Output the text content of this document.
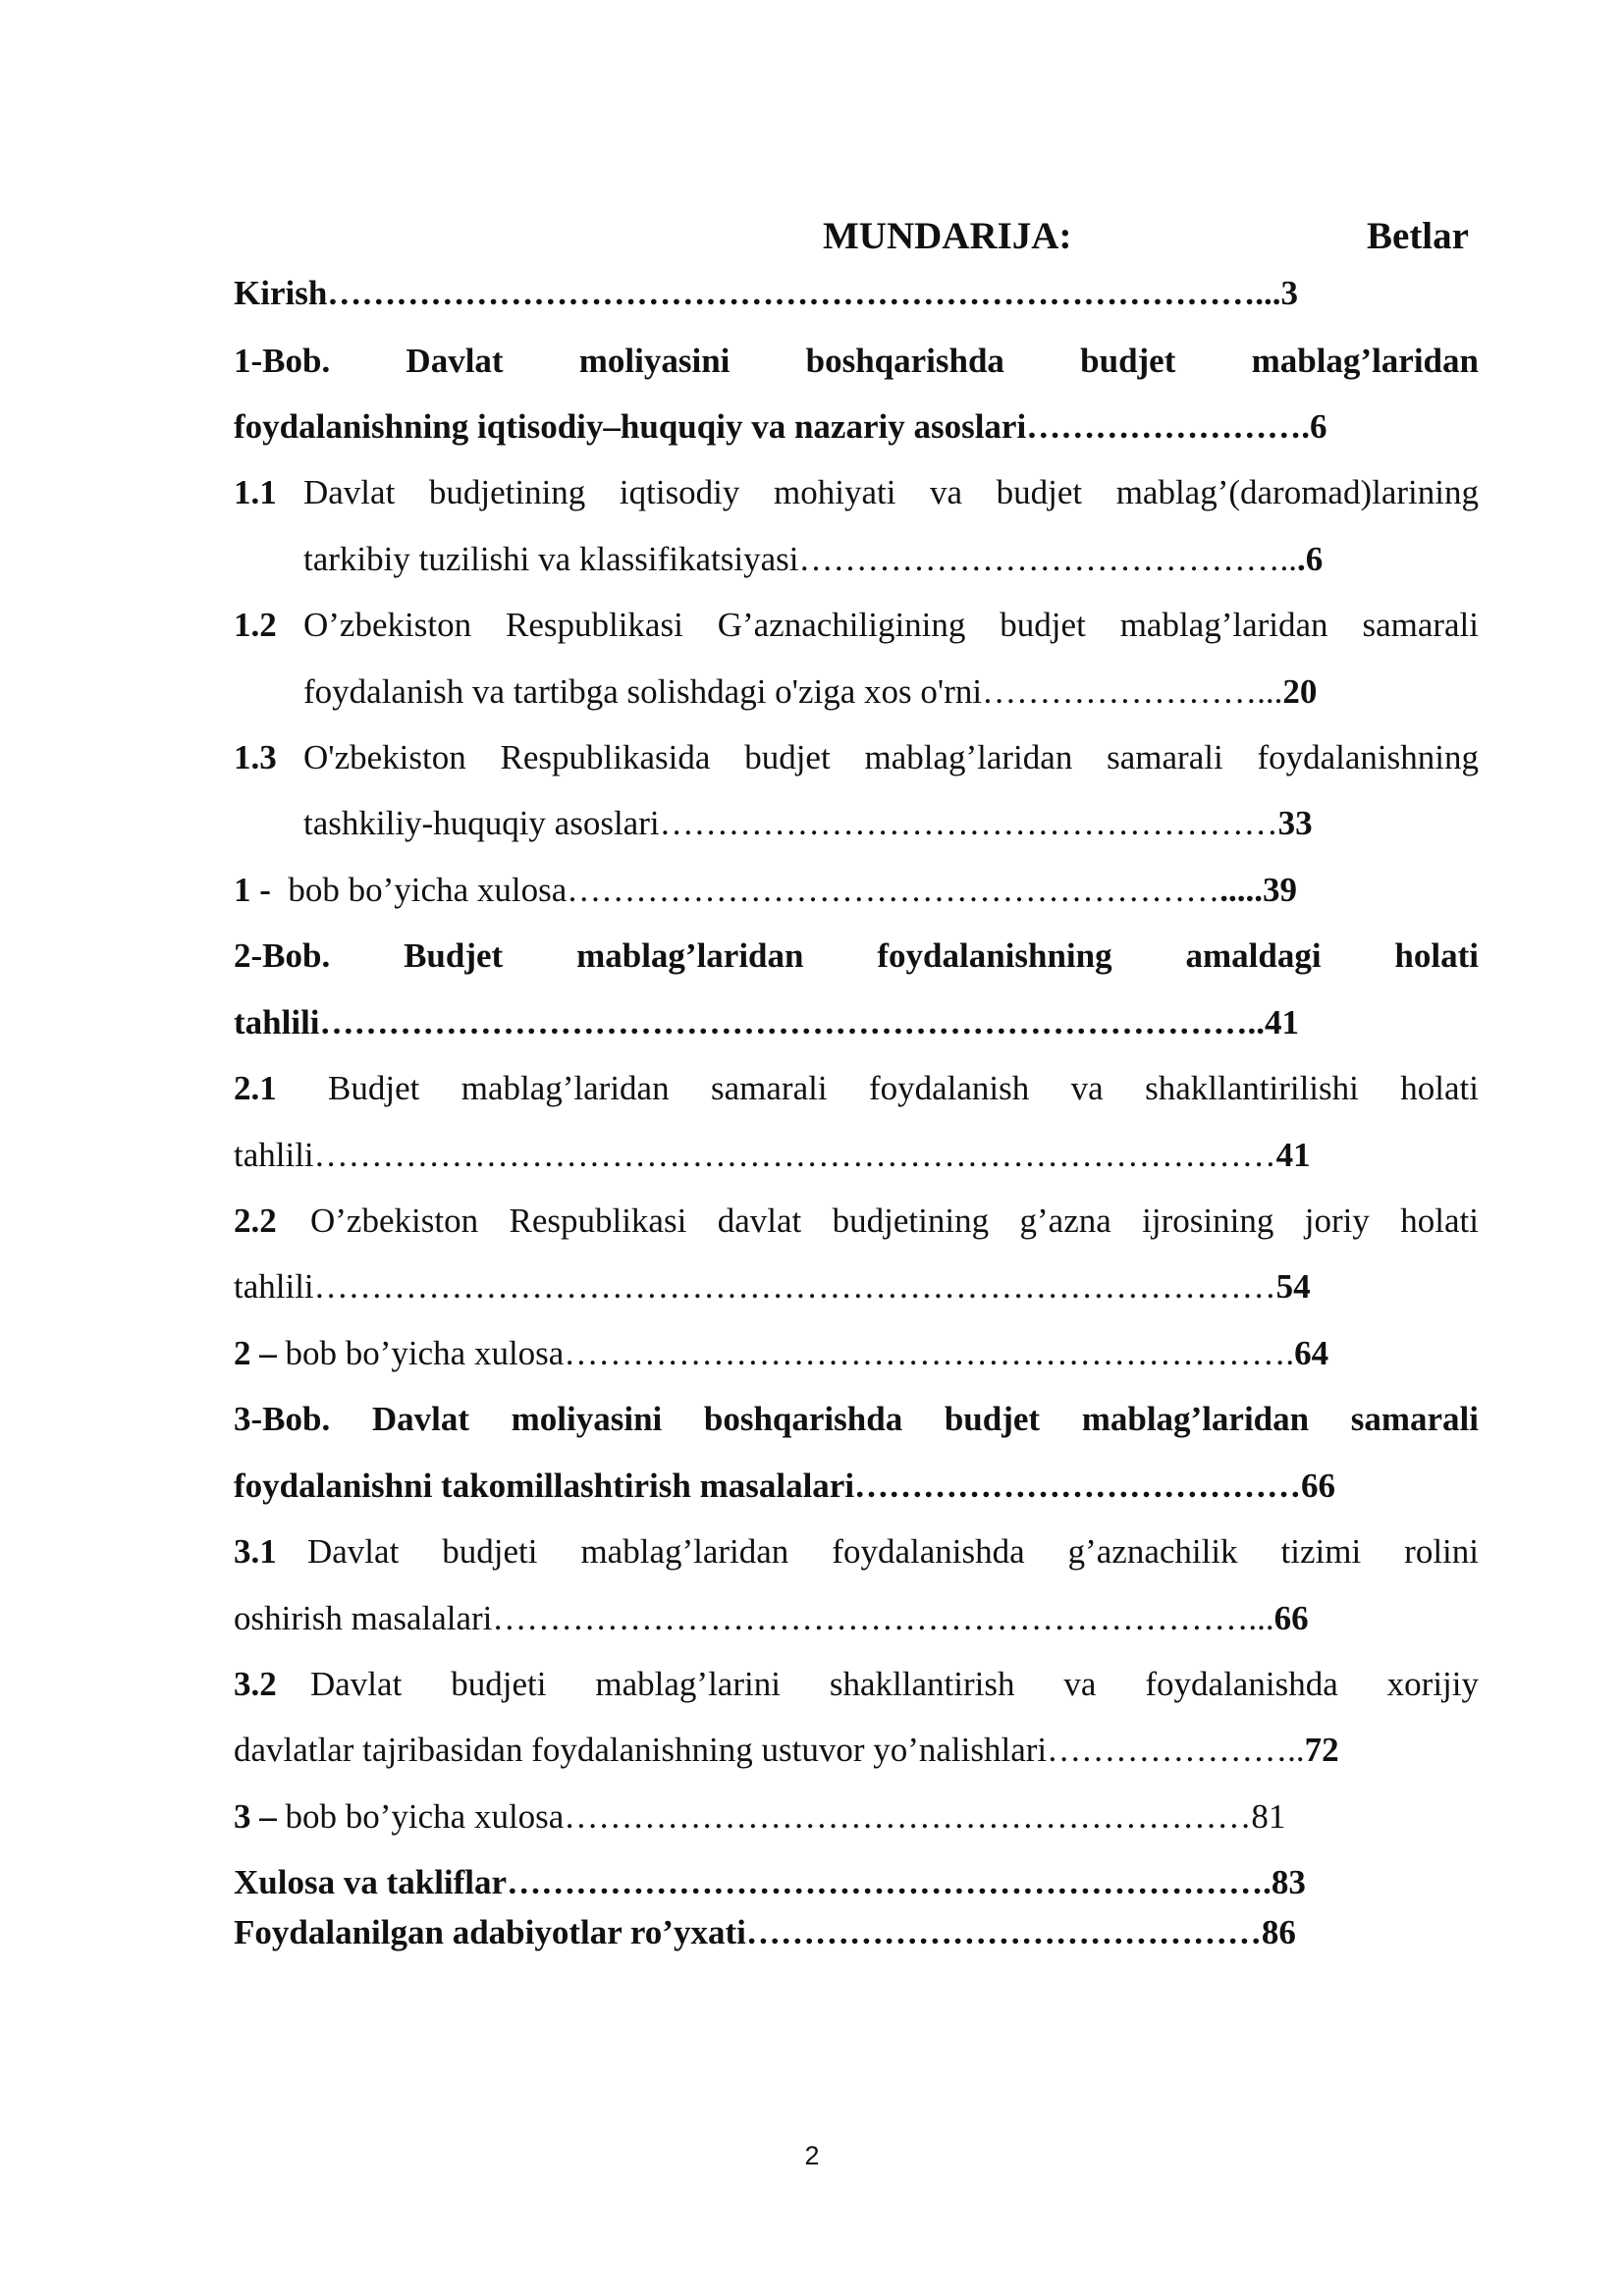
MUNDARIJA:	Betlar
Kirish………………………………………………………………………...3
1-Bob. Davlat moliyasini boshqarishda budjet mablag’laridan
foydalanishning iqtisodiy–huquqiy va nazariy asoslari…………………….6
1.1 Davlat budjetining iqtisodiy mohiyati va budjet mablag’(daromad)larining
tarkibiy tuzilishi va klassifikatsiyasi……………………………………...6
1.2 O’zbekiston Respublikasi G’aznachiligining budjet mablag’laridan samarali
foydalanish va tartibga solishdagi o'ziga xos o'rni……………………...20
1.3 O'zbekiston Respublikasida budjet mablag’laridan samarali foydalanishning
tashkiliy-huquqiy asoslari………………………………………………33
1 - bob bo’yicha xulosa………………………………………………….....39
2-Bob. Budjet mablag’laridan foydalanishning amaldagi holati
tahlili………………………………………………………………………..41
2.1 Budjet mablag’laridan samarali foydalanish va shakllantirilishi holati
tahlili…………………………………………………………………………41
2.2 O’zbekiston Respublikasi davlat budjetining g’azna ijrosining joriy holati
tahlili…………………………………………………………………………54
2 – bob bo’yicha xulosa……………………………………………………….64
3-Bob. Davlat moliyasini boshqarishda budjet mablag’laridan samarali
foydalanishni takomillashtirish masalalari…………………………………66
3.1 Davlat budjeti mablag’laridan foydalanishda g’aznachilik tizimi rolini
oshirish masalalari…………………………………………………………...66
3.2 Davlat budjeti mablag’larini shakllantirish va foydalanishda xorijiy
davlatlar tajribasidan foydalanishning ustuvor yo’nalishlari…………………..72
3 – bob bo’yicha xulosa……………………………………………………81
Xulosa va takliflar………………………………………………………….83
Foydalanilgan adabiyotlar ro’yxati………………………………………86
2
